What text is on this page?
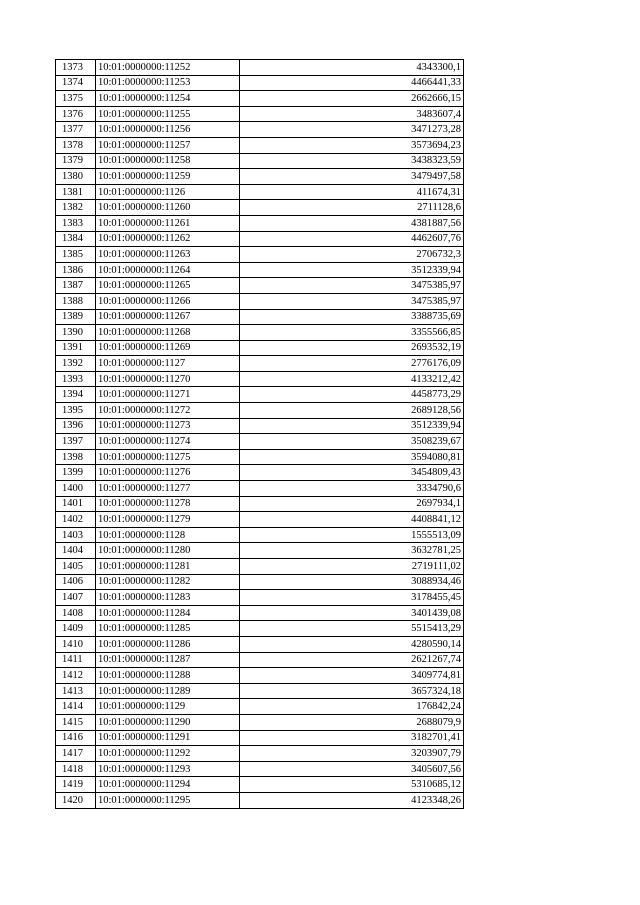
1373	10:01:0000000:11252	4343300,1
1374	10:01:0000000:11253	4466441,33
1375	10:01:0000000:11254	2662666,15
1376	10:01:0000000:11255	3483607,4
1377	10:01:0000000:11256	3471273,28
1378	10:01:0000000:11257	3573694,23
1379	10:01:0000000:11258	3438323,59
1380	10:01:0000000:11259	3479497,58
1381	10:01:0000000:1126	411674,31
1382	10:01:0000000:11260	2711128,6
1383	10:01:0000000:11261	4381887,56
1384	10:01:0000000:11262	4462607,76
1385	10:01:0000000:11263	2706732,3
1386	10:01:0000000:11264	3512339,94
1387	10:01:0000000:11265	3475385,97
1388	10:01:0000000:11266	3475385,97
1389	10:01:0000000:11267	3388735,69
1390	10:01:0000000:11268	3355566,85
1391	10:01:0000000:11269	2693532,19
1392	10:01:0000000:1127	2776176,09
1393	10:01:0000000:11270	4133212,42
1394	10:01:0000000:11271	4458773,29
1395	10:01:0000000:11272	2689128,56
1396	10:01:0000000:11273	3512339,94
1397	10:01:0000000:11274	3508239,67
1398	10:01:0000000:11275	3594080,81
1399	10:01:0000000:11276	3454809,43
1400	10:01:0000000:11277	3334790,6
1401	10:01:0000000:11278	2697934,1
1402	10:01:0000000:11279	4408841,12
1403	10:01:0000000:1128	1555513,09
1404	10:01:0000000:11280	3632781,25
1405	10:01:0000000:11281	2719111,02
1406	10:01:0000000:11282	3088934,46
1407	10:01:0000000:11283	3178455,45
1408	10:01:0000000:11284	3401439,08
1409	10:01:0000000:11285	5515413,29
1410	10:01:0000000:11286	4280590,14
1411	10:01:0000000:11287	2621267,74
1412	10:01:0000000:11288	3409774,81
1413	10:01:0000000:11289	3657324,18
1414	10:01:0000000:1129	176842,24
1415	10:01:0000000:11290	2688079,9
1416	10:01:0000000:11291	3182701,41
1417	10:01:0000000:11292	3203907,79
1418	10:01:0000000:11293	3405607,56
1419	10:01:0000000:11294	5310685,12
1420	10:01:0000000:11295	4123348,26
